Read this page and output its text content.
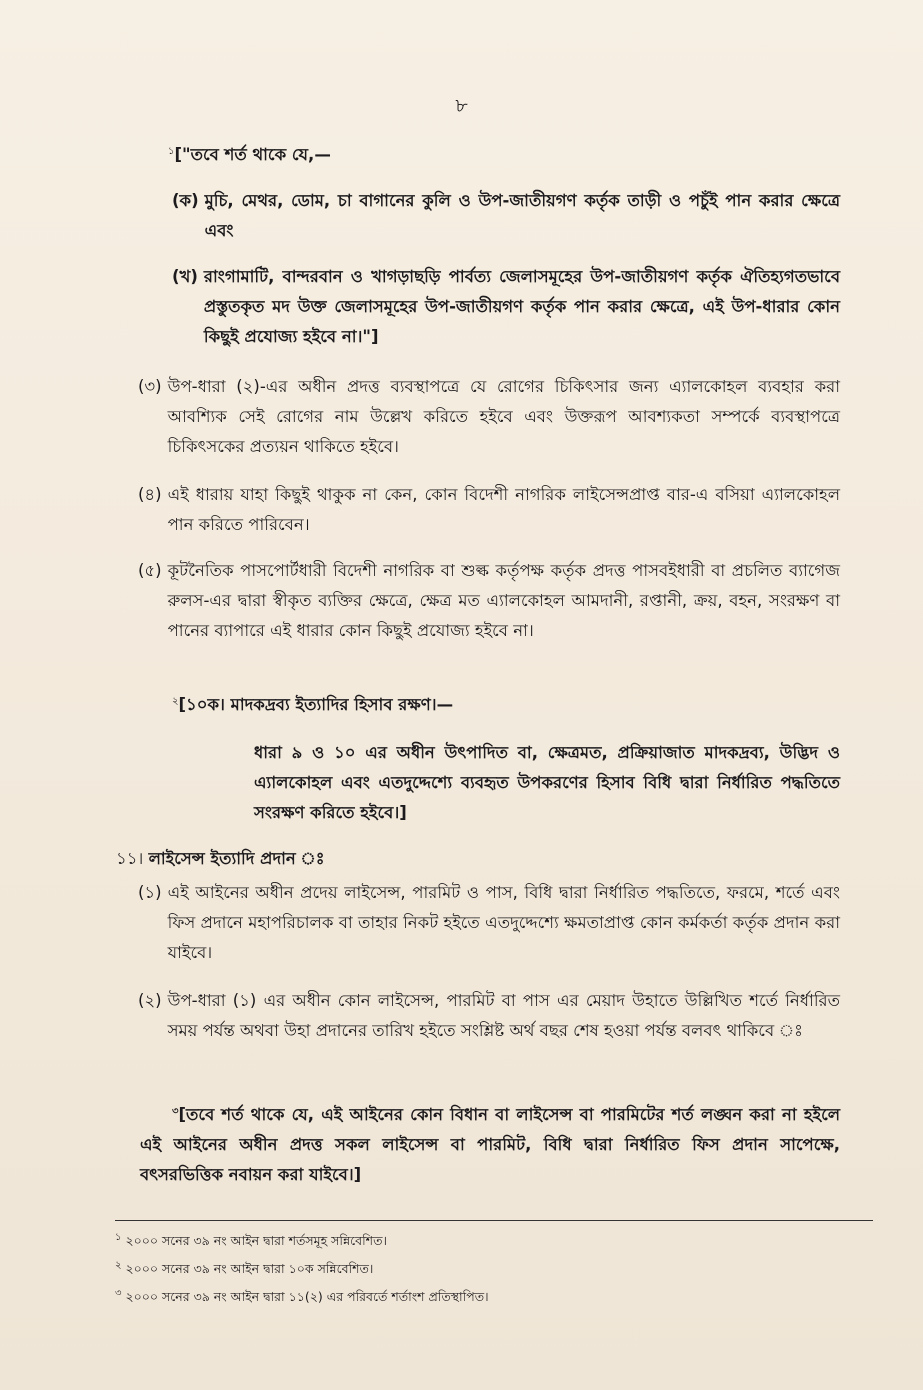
৮
$^১$["তবে শর্ত থাকে যে,—
(ক) মুচি, মেথর, ডোম, চা বাগানের কুলি ও উপ-জাতীয়গণ কর্তৃক তাড়ী ও পচুঁই পান করার ক্ষেত্রে এবং
(খ) রাংগামাটি, বান্দরবান ও খাগড়াছড়ি পার্বত্য জেলাসমূহের উপ-জাতীয়গণ কর্তৃক ঐতিহ্যগতভাবে প্রস্তুতকৃত মদ উক্ত জেলাসমূহের উপ-জাতীয়গণ কর্তৃক পান করার ক্ষেত্রে, এই উপ-ধারার কোন কিছুই প্রযোজ্য হইবে না।"]
(৩) উপ-ধারা (২)-এর অধীন প্রদত্ত ব্যবস্থাপত্রে যে রোগের চিকিৎসার জন্য এ্যালকোহল ব্যবহার করা আবশ্যিক সেই রোগের নাম উল্লেখ করিতে হইবে এবং উক্তরূপ আবশ্যকতা সম্পর্কে ব্যবস্থাপত্রে চিকিৎসকের প্রত্যয়ন থাকিতে হইবে।
(৪) এই ধারায় যাহা কিছুই থাকুক না কেন, কোন বিদেশী নাগরিক লাইসেন্সপ্রাপ্ত বার-এ বসিয়া এ্যালকোহল পান করিতে পারিবেন।
(৫) কূটনৈতিক পাসপোর্টধারী বিদেশী নাগরিক বা শুল্ক কর্তৃপক্ষ কর্তৃক প্রদত্ত পাসবইধারী বা প্রচলিত ব্যাগেজ রুলস-এর দ্বারা স্বীকৃত ব্যক্তির ক্ষেত্রে, ক্ষেত্র মত এ্যালকোহল আমদানী, রপ্তানী, ক্রয়, বহন, সংরক্ষণ বা পানের ব্যাপারে এই ধারার কোন কিছুই প্রযোজ্য হইবে না।
$^২$[১০ক। মাদকদ্রব্য ইত্যাদির হিসাব রক্ষণ।—
ধারা ৯ ও ১০ এর অধীন উৎপাদিত বা, ক্ষেত্রমত, প্রক্রিয়াজাত মাদকদ্রব্য, উদ্ভিদ ও এ্যালকোহল এবং এতদুদ্দেশ্যে ব্যবহৃত উপকরণের হিসাব বিধি দ্বারা নির্ধারিত পদ্ধতিতে সংরক্ষণ করিতে হইবে।]
১১। লাইসেন্স ইত্যাদি প্রদান ঃ
(১) এই আইনের অধীন প্রদেয় লাইসেন্স, পারমিট ও পাস, বিধি দ্বারা নির্ধারিত পদ্ধতিতে, ফরমে, শর্তে এবং ফিস প্রদানে মহাপরিচালক বা তাহার নিকট হইতে এতদুদ্দেশ্যে ক্ষমতাপ্রাপ্ত কোন কর্মকর্তা কর্তৃক প্রদান করা যাইবে।
(২) উপ-ধারা (১) এর অধীন কোন লাইসেন্স, পারমিট বা পাস এর মেয়াদ উহাতে উল্লিখিত শর্তে নির্ধারিত সময় পর্যন্ত অথবা উহা প্রদানের তারিখ হইতে সংশ্লিষ্ট অর্থ বছর শেষ হওয়া পর্যন্ত বলবৎ থাকিবে ঃ
$^৩$[তবে শর্ত থাকে যে, এই আইনের কোন বিধান বা লাইসেন্স বা পারমিটের শর্ত লঙ্ঘন করা না হইলে এই আইনের অধীন প্রদত্ত সকল লাইসেন্স বা পারমিট, বিধি দ্বারা নির্ধারিত ফিস প্রদান সাপেক্ষে, বৎসরভিত্তিক নবায়ন করা যাইবে।]
$^১$ ২০০০ সনের ৩৯ নং আইন দ্বারা শর্তসমূহ সন্নিবেশিত।
$^২$ ২০০০ সনের ৩৯ নং আইন দ্বারা ১০ক সন্নিবেশিত।
$^৩$ ২০০০ সনের ৩৯ নং আইন দ্বারা ১১(২) এর পরিবর্তে শর্তাংশ প্রতিস্থাপিত।
